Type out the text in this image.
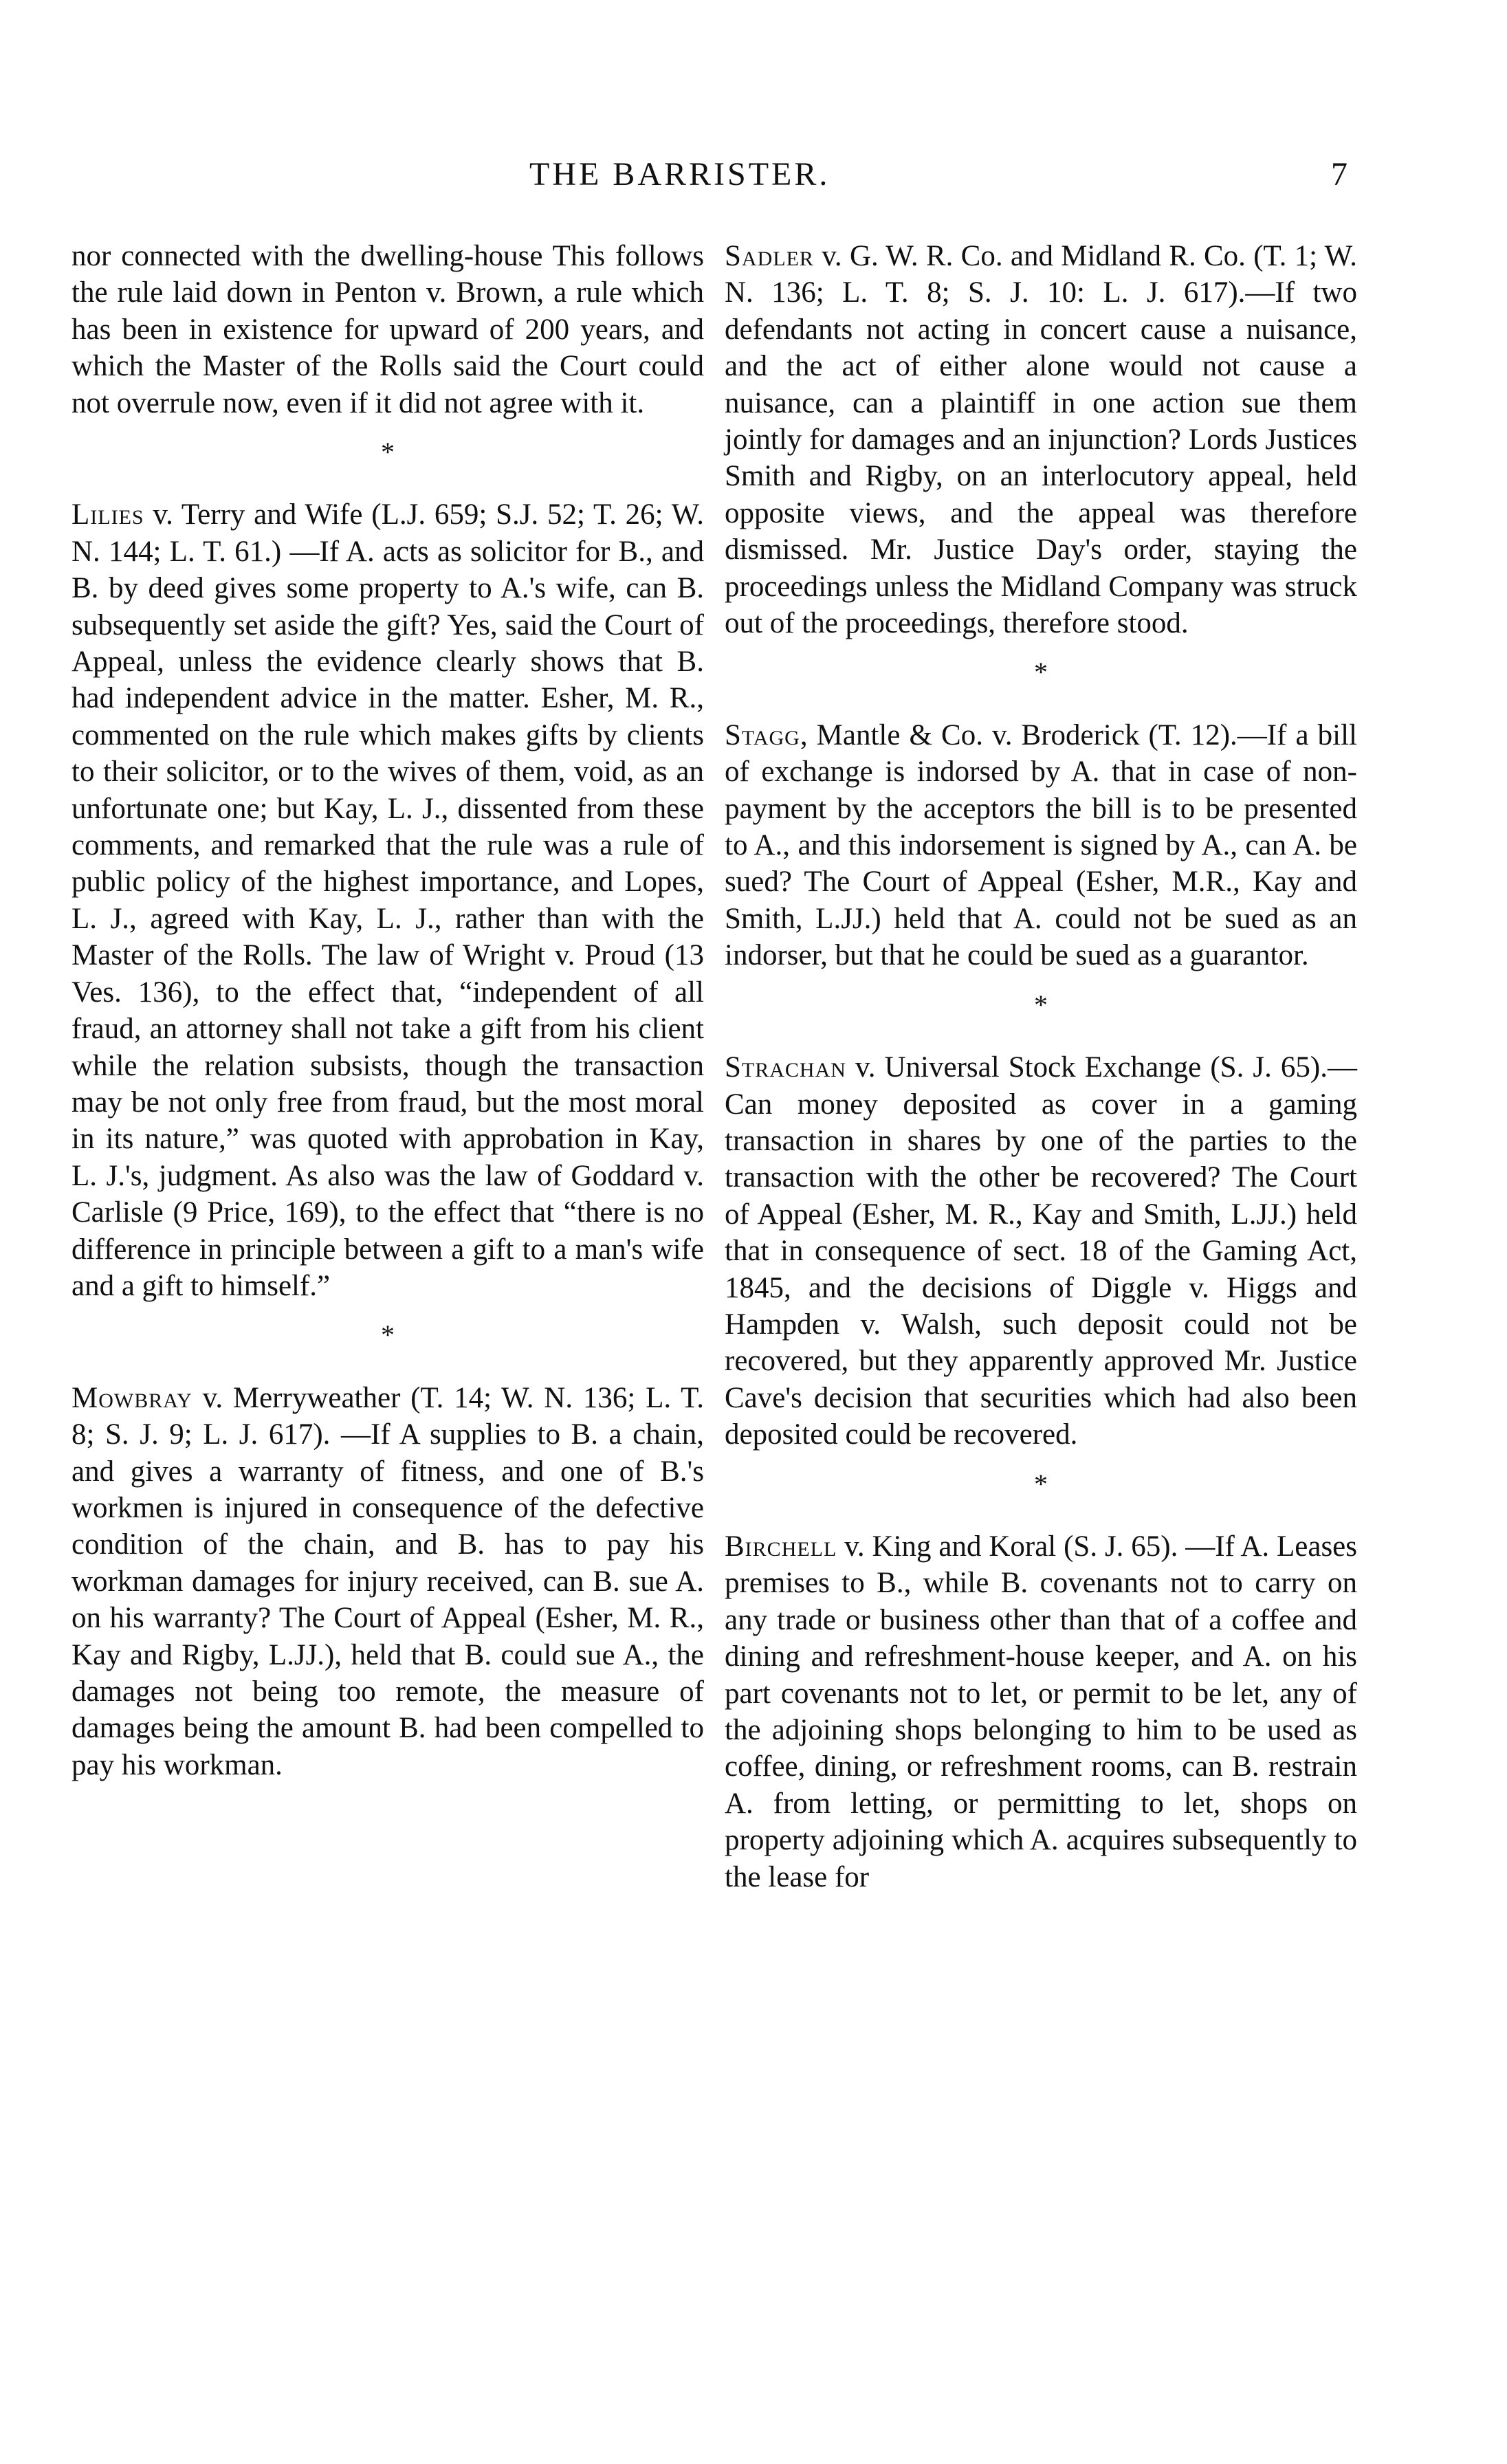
THE BARRISTER.	7

nor connected with the dwelling-house This follows the rule laid down in Penton v. Brown, a rule which has been in existence for upward of 200 years, and which the Master of the Rolls said the Court could not overrule now, even if it did not agree with it.

*

Lilies v. Terry and Wife (L.J. 659; S.J. 52; T. 26; W. N. 144; L. T. 61.) —If A. acts as solicitor for B., and B. by deed gives some property to A.'s wife, can B. subsequently set aside the gift? Yes, said the Court of Appeal, unless the evidence clearly shows that B. had independent advice in the matter. Esher, M. R., commented on the rule which makes gifts by clients to their solicitor, or to the wives of them, void, as an unfortunate one; but Kay, L. J., dissented from these comments, and remarked that the rule was a rule of public policy of the highest importance, and Lopes, L. J., agreed with Kay, L. J., rather than with the Master of the Rolls. The law of Wright v. Proud (13 Ves. 136), to the effect that, “independent of all fraud, an attorney shall not take a gift from his client while the relation subsists, though the transaction may be not only free from fraud, but the most moral in its nature,” was quoted with approbation in Kay, L. J.'s, judgment. As also was the law of Goddard v. Carlisle (9 Price, 169), to the effect that “there is no difference in principle between a gift to a man's wife and a gift to himself.”

*

Mowbray v. Merryweather (T. 14; W. N. 136; L. T. 8; S. J. 9; L. J. 617). —If A supplies to B. a chain, and gives a warranty of fitness, and one of B.'s workmen is injured in consequence of the defective condition of the chain, and B. has to pay his workman damages for injury received, can B. sue A. on his warranty? The Court of Appeal (Esher, M. R., Kay and Rigby, L.JJ.), held that B. could sue A., the damages not being too remote, the measure of damages being the amount B. had been compelled to pay his workman.

Sadler v. G. W. R. Co. and Midland R. Co. (T. 1; W. N. 136; L. T. 8; S. J. 10: L. J. 617).—If two defendants not acting in concert cause a nuisance, and the act of either alone would not cause a nuisance, can a plaintiff in one action sue them jointly for damages and an injunction? Lords Justices Smith and Rigby, on an interlocutory appeal, held opposite views, and the appeal was therefore dismissed. Mr. Justice Day's order, staying the proceedings unless the Midland Company was struck out of the proceedings, therefore stood.

*

Stagg, Mantle & Co. v. Broderick (T. 12).—If a bill of exchange is indorsed by A. that in case of non-payment by the acceptors the bill is to be presented to A., and this indorsement is signed by A., can A. be sued? The Court of Appeal (Esher, M.R., Kay and Smith, L.JJ.) held that A. could not be sued as an indorser, but that he could be sued as a guarantor.

*

Strachan v. Universal Stock Exchange (S. J. 65).—Can money deposited as cover in a gaming transaction in shares by one of the parties to the transaction with the other be recovered? The Court of Appeal (Esher, M. R., Kay and Smith, L.JJ.) held that in consequence of sect. 18 of the Gaming Act, 1845, and the decisions of Diggle v. Higgs and Hampden v. Walsh, such deposit could not be recovered, but they apparently approved Mr. Justice Cave's decision that securities which had also been deposited could be recovered.

*

Birchell v. King and Koral (S. J. 65). —If A. Leases premises to B., while B. covenants not to carry on any trade or business other than that of a coffee and dining and refreshment-house keeper, and A. on his part covenants not to let, or permit to be let, any of the adjoining shops belonging to him to be used as coffee, dining, or refreshment rooms, can B. restrain A. from letting, or permitting to let, shops on property adjoining which A. acquires subsequently to the lease for
